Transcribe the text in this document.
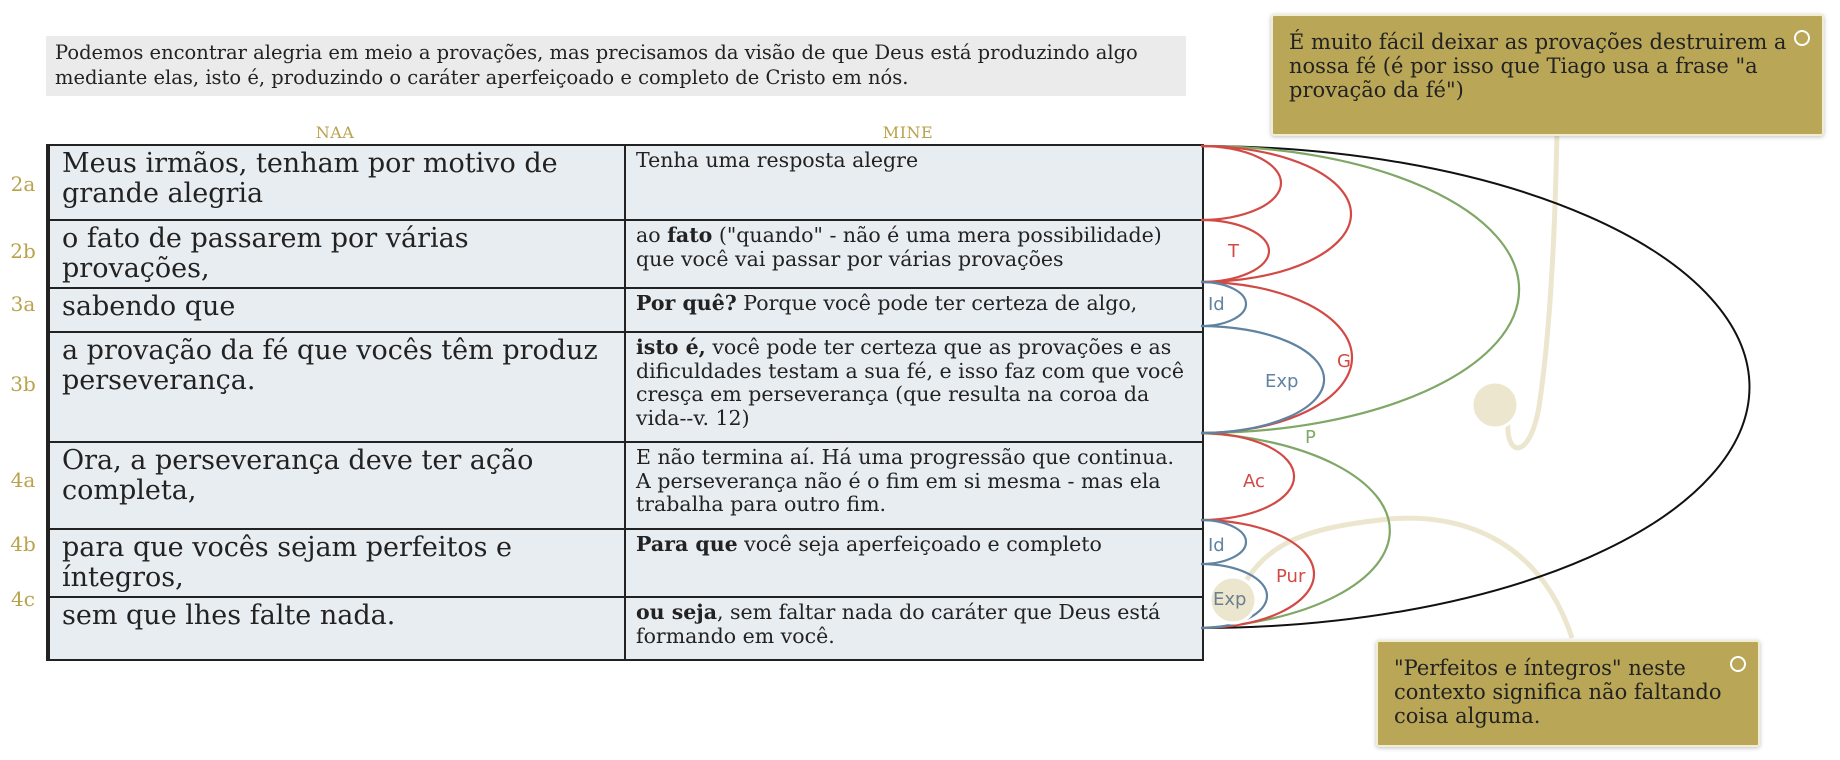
Podemos encontrar alegria em meio a provações, mas precisamos da visão de que Deus está produzindo algo
mediante elas, isto é, produzindo o caráter aperfeiçoado e completo de Cristo em nós.
NAA	MINE
2a
2b
3a
3b
4a
4b
4c
Meus irmãos, tenham por motivo de grande alegria	Tenha uma resposta alegre
o fato de passarem por várias provações,	ao fato ("quando" - não é uma mera possibilidade) que você vai passar por várias provações
sabendo que	Por quê? Porque você pode ter certeza de algo,
a provação da fé que vocês têm produz perseverança.	isto é, você pode ter certeza que as provações e as dificuldades testam a sua fé, e isso faz com que você cresça em perseverança (que resulta na coroa da vida--v. 12)
Ora, a perseverança deve ter ação completa,	E não termina aí. Há uma progressão que continua. A perseverança não é o fim em si mesma - mas ela trabalha para outro fim.
para que vocês sejam perfeitos e íntegros,	Para que você seja aperfeiçoado e completo
sem que lhes falte nada.	ou seja, sem faltar nada do caráter que Deus está formando em você.
T
Id
Exp
G
P
Ac
Id
Pur
Exp
É muito fácil deixar as provações destruirem a nossa fé (é por isso que Tiago usa a frase "a provação da fé")
"Perfeitos e íntegros" neste contexto significa não faltando coisa alguma.
